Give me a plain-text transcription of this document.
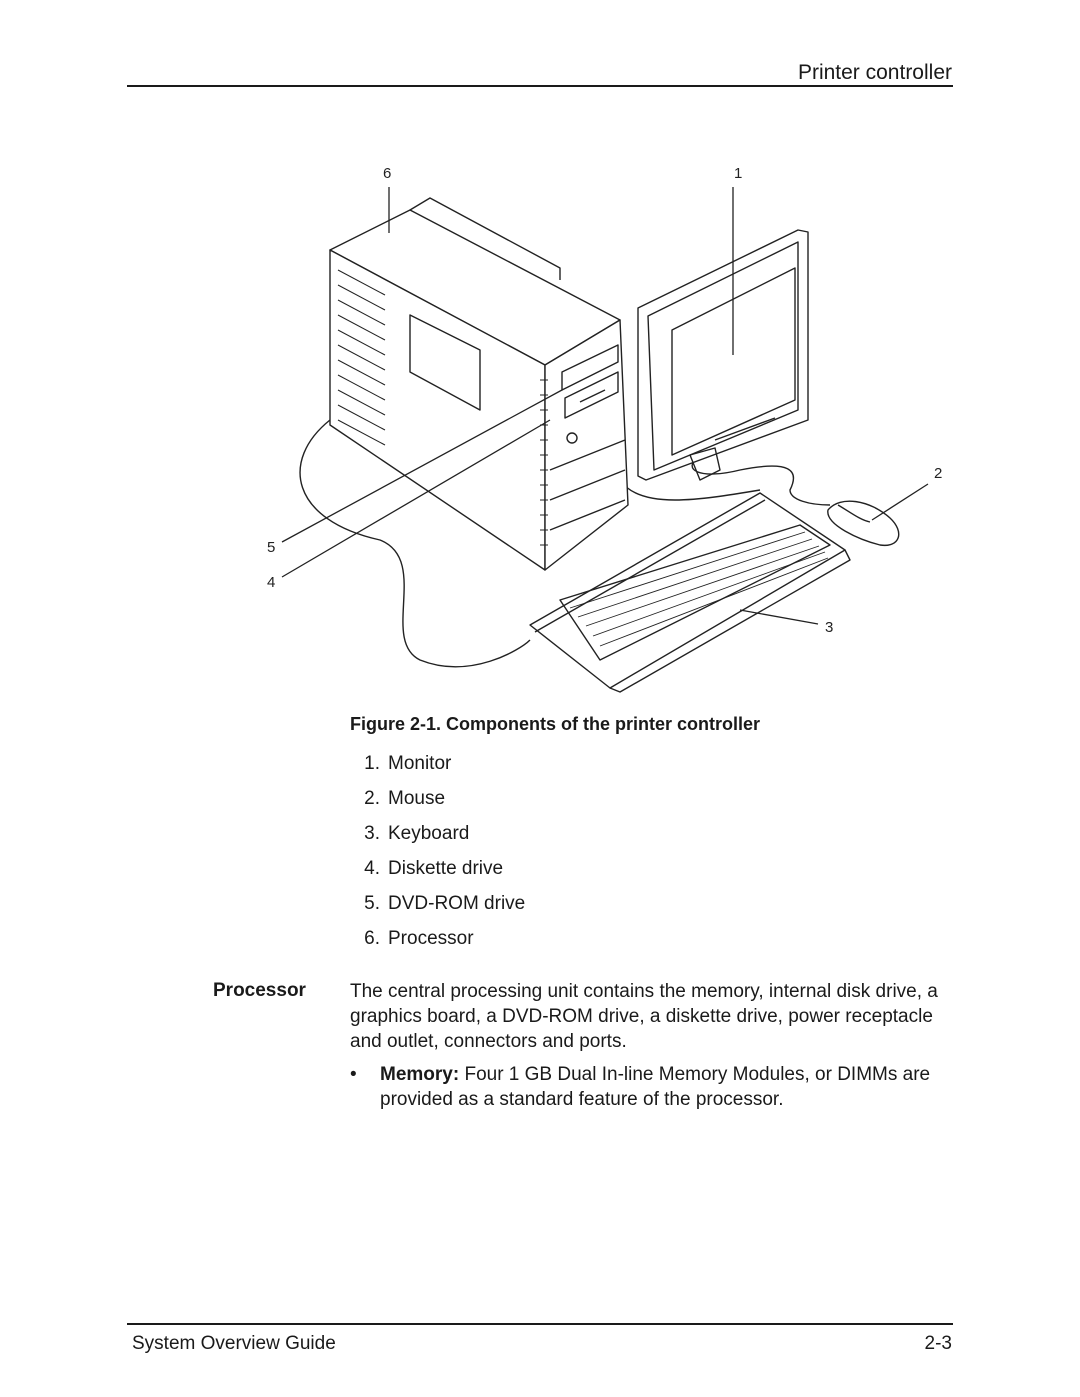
Printer controller
1
2
3
4
5
6
Figure 2-1. Components of the printer controller
1. Monitor
2. Mouse
3. Keyboard
4. Diskette drive
5. DVD-ROM drive
6. Processor
Processor The central processing unit contains the memory, internal disk drive, a graphics board, a DVD-ROM drive, a diskette drive, power receptacle and outlet, connectors and ports.

•	Memory: Four 1 GB Dual In-line Memory Modules, or DIMMs are provided as a standard feature of the processor.
System Overview Guide	2-3
